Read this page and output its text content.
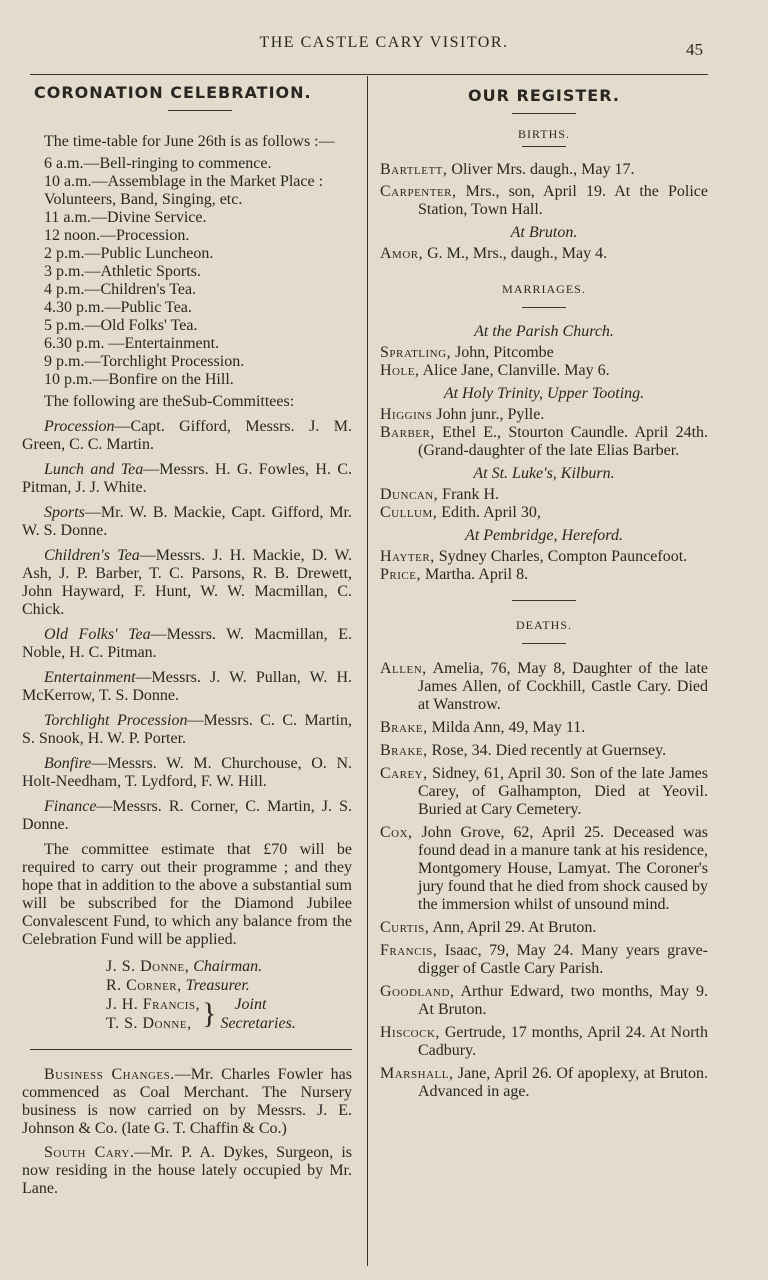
THE CASTLE CARY VISITOR.	45
CORONATION CELEBRATION.

The time-table for June 26th is as follows :—

6 a.m.—Bell-ringing to commence.
10 a.m.—Assemblage in the Market Place : Volunteers, Band, Singing, etc.
11 a.m.—Divine Service.
12 noon.—Procession.
2 p.m.—Public Luncheon.
3 p.m.—Athletic Sports.
4 p.m.—Children's Tea.
4.30 p.m.—Public Tea.
5 p.m.—Old Folks' Tea.
6.30 p.m. —Entertainment.
9 p.m.—Torchlight Procession.
10 p.m.—Bonfire on the Hill.

The following are theSub-Committees:

Procession—Capt. Gifford, Messrs. J. M. Green, C. C. Martin.

Lunch and Tea—Messrs. H. G. Fowles, H. C. Pitman, J. J. White.

Sports—Mr. W. B. Mackie, Capt. Gifford, Mr. W. S. Donne.

Children's Tea—Messrs. J. H. Mackie, D. W. Ash, J. P. Barber, T. C. Parsons, R. B. Drewett, John Hayward, F. Hunt, W. W. Macmillan, C. Chick.

Old Folks' Tea—Messrs. W. Macmillan, E. Noble, H. C. Pitman.

Entertainment—Messrs. J. W. Pullan, W. H. McKerrow, T. S. Donne.

Torchlight Procession—Messrs. C. C. Martin, S. Snook, H. W. P. Porter.

Bonfire—Messrs. W. M. Churchouse, O. N. Holt-Needham, T. Lydford, F. W. Hill.

Finance—Messrs. R. Corner, C. Martin, J. S. Donne.

The committee estimate that £70 will be required to carry out their programme ; and they hope that in addition to the above a substantial sum will be subscribed for the Diamond Jubilee Convalescent Fund, to which any balance from the Celebration Fund will be applied.

J. S. Donne,
Chairman.
R. Corner,
Treasurer.
J. H. Francis,
T. S. Donne, }	Joint
Secretaries.

Business Changes.—Mr. Charles Fowler has commenced as Coal Merchant. The Nursery business is now carried on by Messrs. J. E. Johnson & Co. (late G. T. Chaffin & Co.)

South Cary.—Mr. P. A. Dykes, Surgeon, is now residing in the house lately occupied by Mr. Lane.

OUR REGISTER.

BIRTHS.

Bartlett, Oliver Mrs. daugh., May 17.

Carpenter, Mrs., son, April 19. At the Police Station, Town Hall.

At Bruton.

Amor, G. M., Mrs., daugh., May 4.

MARRIAGES.

At the Parish Church.

Spratling, John, Pitcombe

Hole, Alice Jane, Clanville. May 6.

At Holy Trinity, Upper Tooting.

Higgins John junr., Pylle.

Barber, Ethel E., Stourton Caundle. April 24th. (Grand-daughter of the late Elias Barber.

At St. Luke's, Kilburn.

Duncan, Frank H.

Cullum, Edith. April 30,

At Pembridge, Hereford.

Hayter, Sydney Charles, Compton Pauncefoot.

Price, Martha. April 8.

DEATHS.

Allen, Amelia, 76, May 8, Daughter of the late James Allen, of Cockhill, Castle Cary. Died at Wanstrow.

Brake, Milda Ann, 49, May 11.

Brake, Rose, 34. Died recently at Guernsey.

Carey, Sidney, 61, April 30. Son of the late James Carey, of Galhampton, Died at Yeovil. Buried at Cary Cemetery.

Cox, John Grove, 62, April 25. Deceased was found dead in a manure tank at his residence, Montgomery House, Lamyat. The Coroner's jury found that he died from shock caused by the immersion whilst of unsound mind.

Curtis, Ann, April 29. At Bruton.

Francis, Isaac, 79, May 24. Many years grave-digger of Castle Cary Parish.

Goodland, Arthur Edward, two months, May 9. At Bruton.

Hiscock, Gertrude, 17 months, April 24. At North Cadbury.

Marshall, Jane, April 26. Of apoplexy, at Bruton. Advanced in age.
